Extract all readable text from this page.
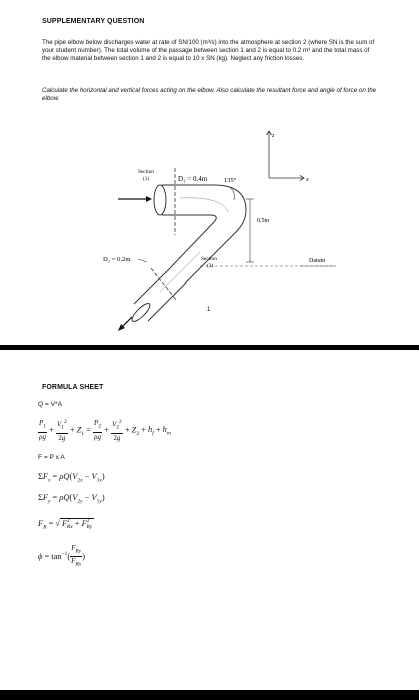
SUPPLEMENTARY QUESTION
The pipe elbow below discharges water at rate of SN/100 (m³/s) into the atmosphere at section 2 (where SN is the sum of your student number). The total volume of the passage between section 1 and 2 is equal to 0.2 m³ and the total mass of the elbow material between section 1 and 2 is equal to 10 x SN (kg). Neglect any friction losses.
Calculate the horizontal and vertical forces acting on the elbow. Also calculate the resultant force and angle of force on the elbow.
z
x
Datum
0.5m
Section
(1)	D₁ = 0.4m	135°
D₂ = 0.2m	Section
(2)
1
FORMULA SHEET
Q = V*A
$\frac{P_1}{\rho g} + \frac{V_1^2}{2g} + Z_1 = \frac{P_2}{\rho g} + \frac{V_2^2}{2g} + Z_2 + h_f + h_m$
F = P x A
$\Sigma F_x = \rho Q(V_{2x} - V_{1x})$
$\Sigma F_y = \rho Q(V_{2y} - V_{1y})$
$F_R$ = √ $F^2_{Rx} + F^2_{Ry}$
$\phi = \tan^{-1}( \frac{F_{Ry}}{F_{Rx}}$ )
